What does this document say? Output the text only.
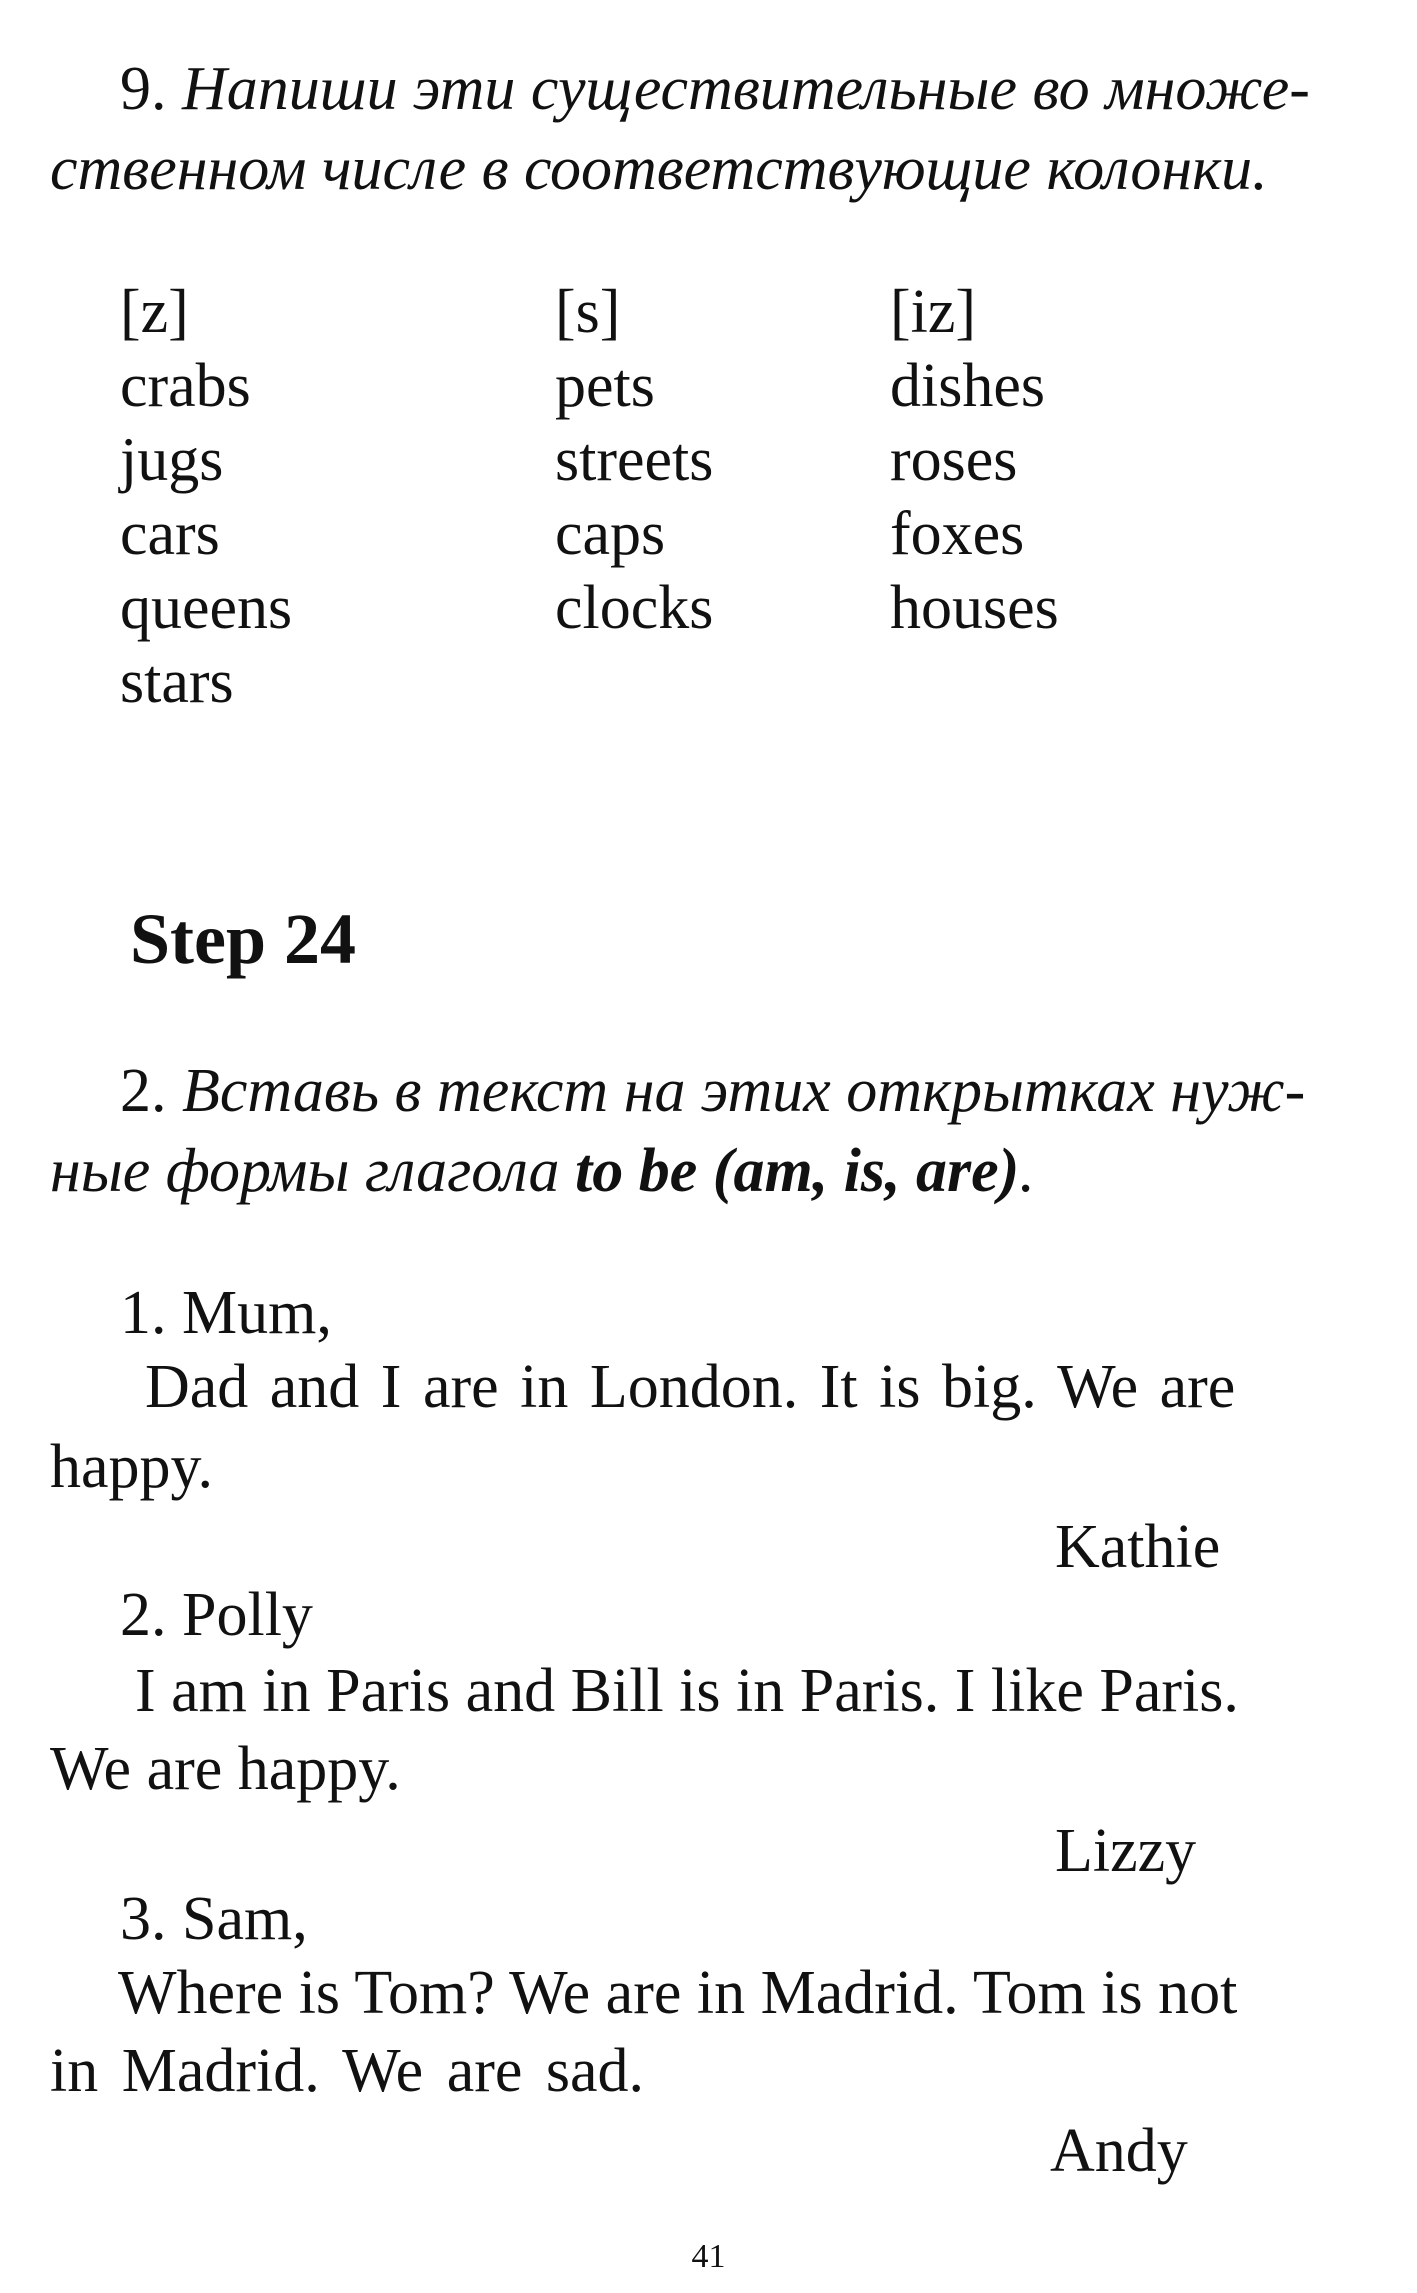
9. Напиши эти существительные во множе-
ственном числе в соответствующие колонки.
[z]
crabs
jugs
cars
queens
stars
[s]
pets
streets
caps
clocks
[iz]
dishes
roses
foxes
houses
Step 24
2. Вставь в текст на этих открытках нуж-
ные формы глагола to be (am, is, are).
1. Mum,
Dad and I are in London. It is big. We are
happy.
Kathie
2. Polly
I am in Paris and Bill is in Paris. I like Paris.
We are happy.
Lizzy
3. Sam,
Where is Tom? We are in Madrid. Tom is not
in Madrid. We are sad.
Andy
41
